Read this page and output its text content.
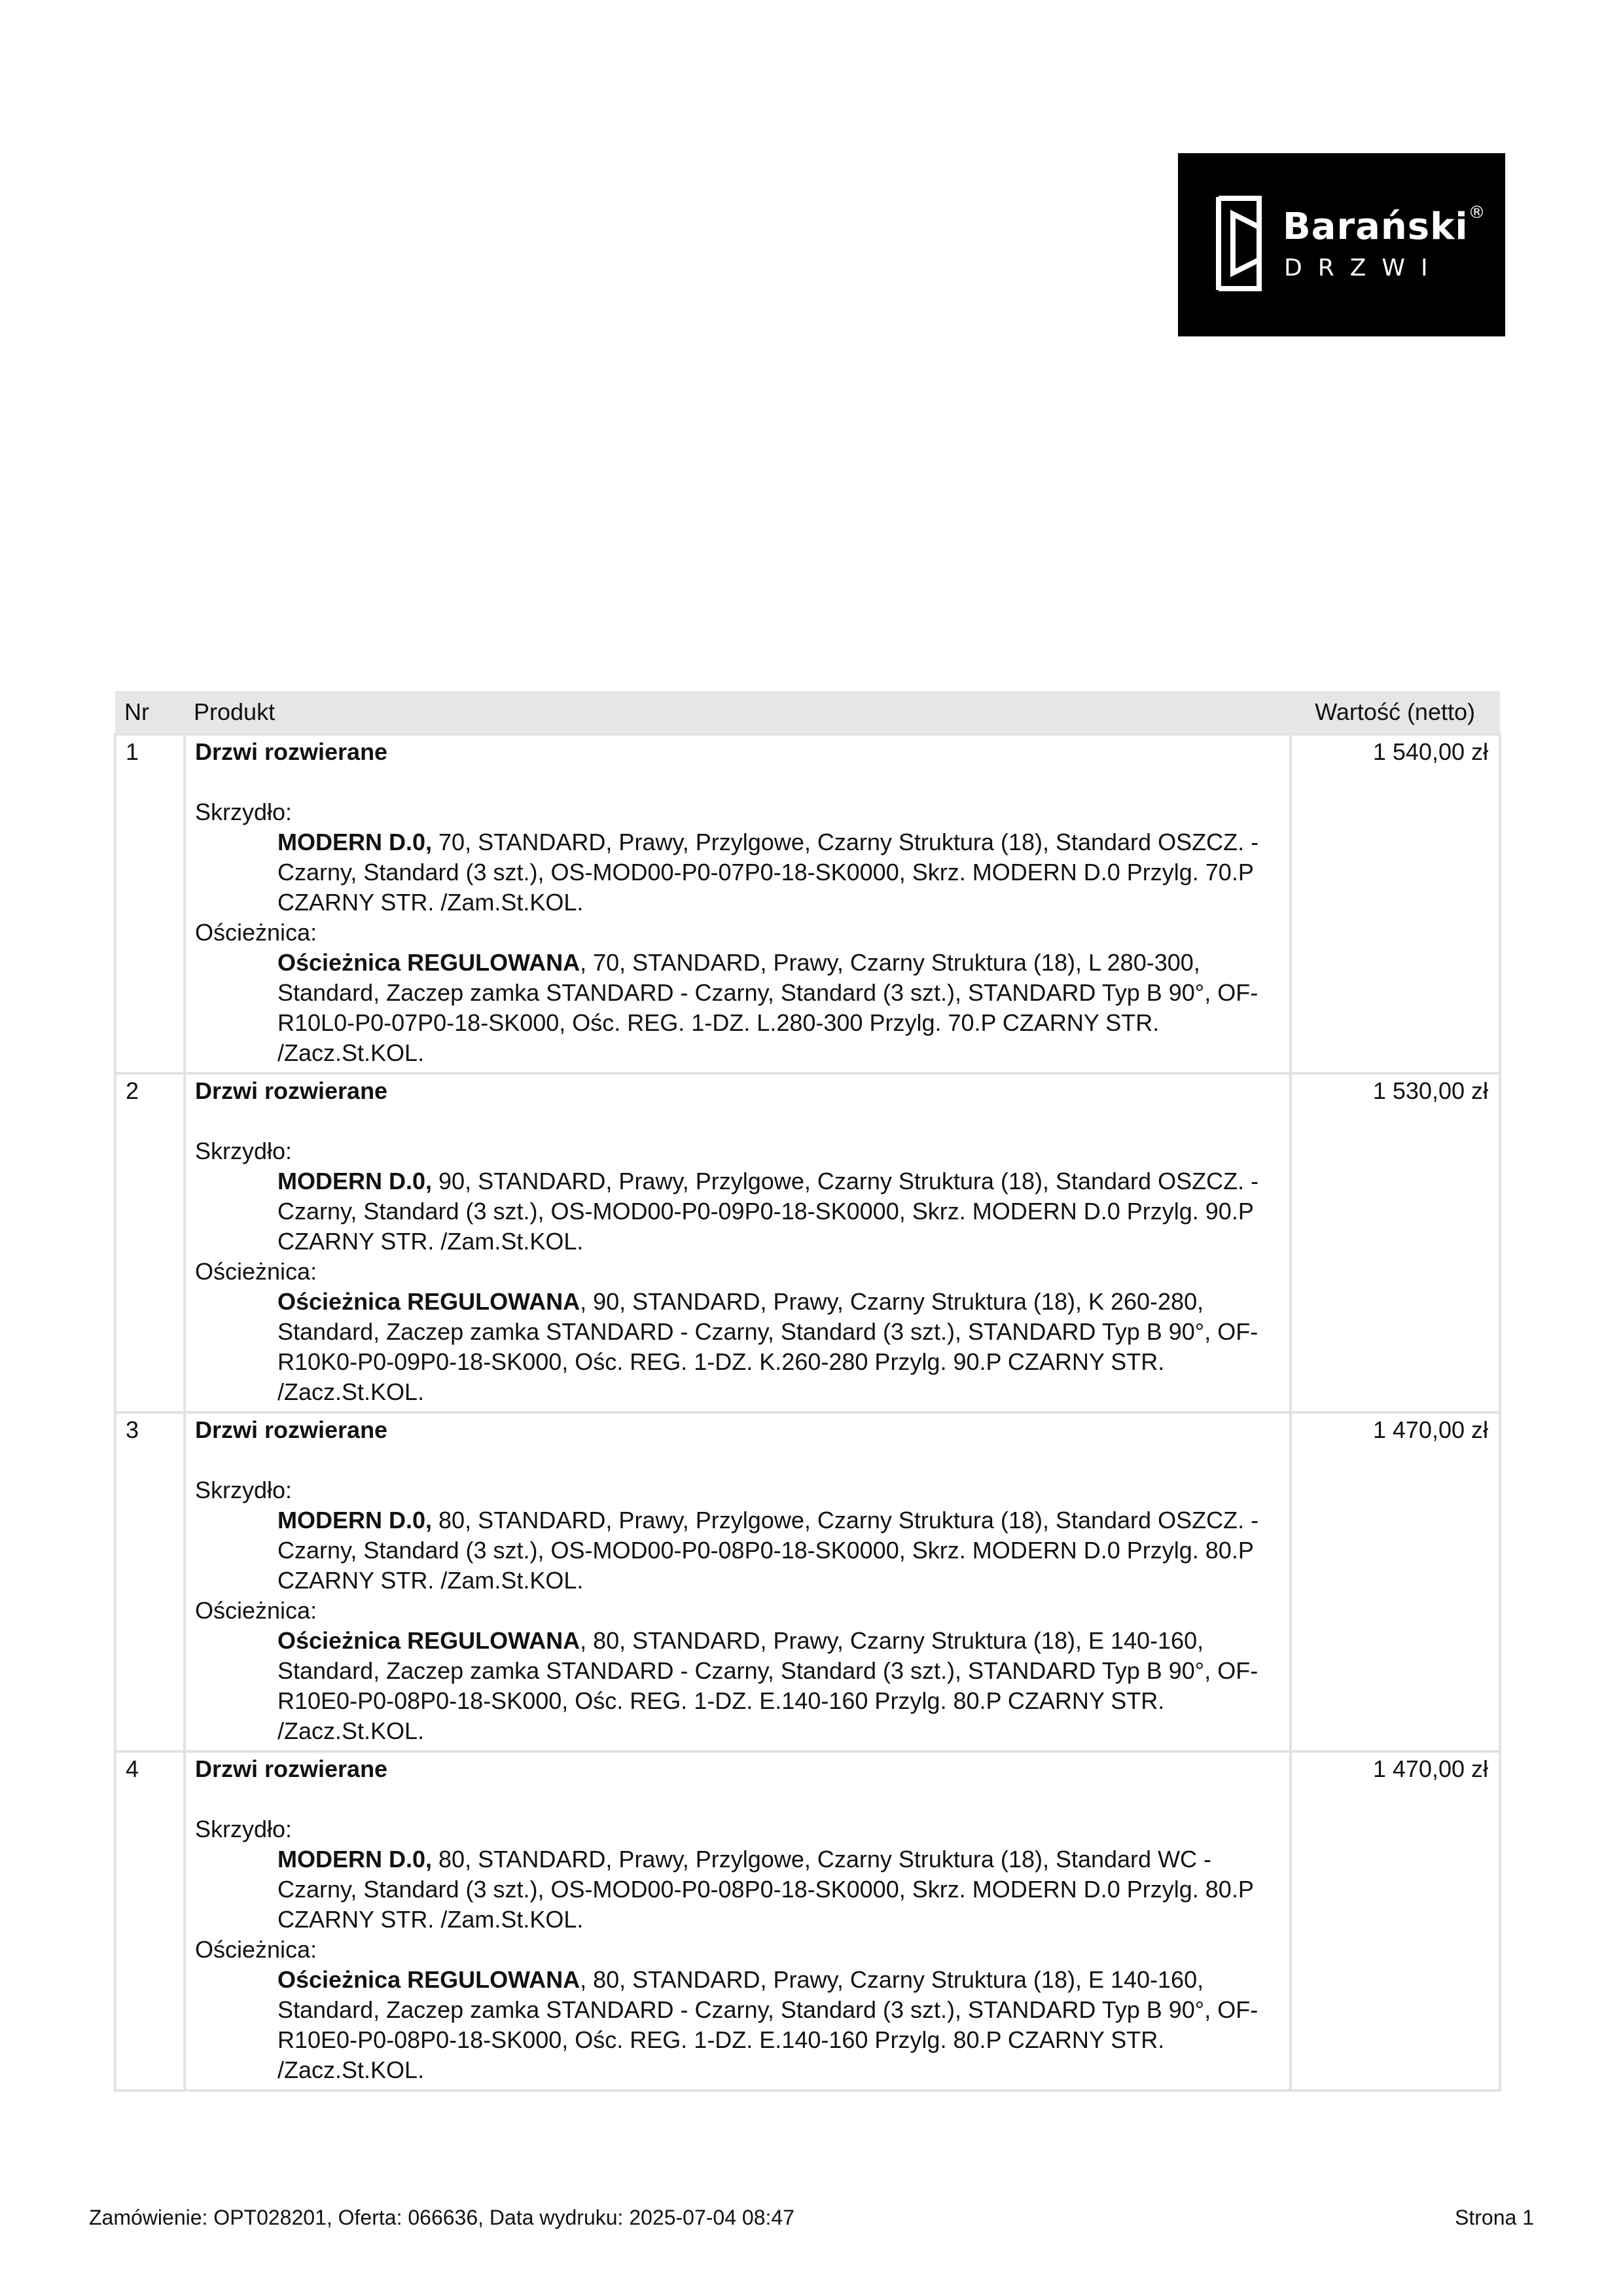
Barański®
DRZWI
Nr	Produkt	Wartość (netto)
1	Drzwi rozwierane
Skrzydło:
MODERN D.0, 70, STANDARD, Prawy, Przylgowe, Czarny Struktura (18), Standard OSZCZ. - Czarny, Standard (3 szt.), OS-MOD00-P0-07P0-18-SK0000, Skrz. MODERN D.0 Przylg. 70.P CZARNY STR. /Zam.St.KOL.
Ościeżnica:
Ościeżnica REGULOWANA, 70, STANDARD, Prawy, Czarny Struktura (18), L 280-300, Standard, Zaczep zamka STANDARD - Czarny, Standard (3 szt.), STANDARD Typ B 90°, OF-R10L0-P0-07P0-18-SK000, Ośc. REG. 1-DZ. L.280-300 Przylg. 70.P CZARNY STR. /Zacz.St.KOL.	1 540,00 zł
2	Drzwi rozwierane
Skrzydło:
MODERN D.0, 90, STANDARD, Prawy, Przylgowe, Czarny Struktura (18), Standard OSZCZ. - Czarny, Standard (3 szt.), OS-MOD00-P0-09P0-18-SK0000, Skrz. MODERN D.0 Przylg. 90.P CZARNY STR. /Zam.St.KOL.
Ościeżnica:
Ościeżnica REGULOWANA, 90, STANDARD, Prawy, Czarny Struktura (18), K 260-280, Standard, Zaczep zamka STANDARD - Czarny, Standard (3 szt.), STANDARD Typ B 90°, OF-R10K0-P0-09P0-18-SK000, Ośc. REG. 1-DZ. K.260-280 Przylg. 90.P CZARNY STR. /Zacz.St.KOL.	1 530,00 zł
3	Drzwi rozwierane
Skrzydło:
MODERN D.0, 80, STANDARD, Prawy, Przylgowe, Czarny Struktura (18), Standard OSZCZ. - Czarny, Standard (3 szt.), OS-MOD00-P0-08P0-18-SK0000, Skrz. MODERN D.0 Przylg. 80.P CZARNY STR. /Zam.St.KOL.
Ościeżnica:
Ościeżnica REGULOWANA, 80, STANDARD, Prawy, Czarny Struktura (18), E 140-160, Standard, Zaczep zamka STANDARD - Czarny, Standard (3 szt.), STANDARD Typ B 90°, OF-R10E0-P0-08P0-18-SK000, Ośc. REG. 1-DZ. E.140-160 Przylg. 80.P CZARNY STR. /Zacz.St.KOL.	1 470,00 zł
4	Drzwi rozwierane
Skrzydło:
MODERN D.0, 80, STANDARD, Prawy, Przylgowe, Czarny Struktura (18), Standard WC - Czarny, Standard (3 szt.), OS-MOD00-P0-08P0-18-SK0000, Skrz. MODERN D.0 Przylg. 80.P CZARNY STR. /Zam.St.KOL.
Ościeżnica:
Ościeżnica REGULOWANA, 80, STANDARD, Prawy, Czarny Struktura (18), E 140-160, Standard, Zaczep zamka STANDARD - Czarny, Standard (3 szt.), STANDARD Typ B 90°, OF-R10E0-P0-08P0-18-SK000, Ośc. REG. 1-DZ. E.140-160 Przylg. 80.P CZARNY STR. /Zacz.St.KOL.	1 470,00 zł
Zamówienie: OPT028201, Oferta: 066636, Data wydruku: 2025-07-04 08:47	Strona 1
